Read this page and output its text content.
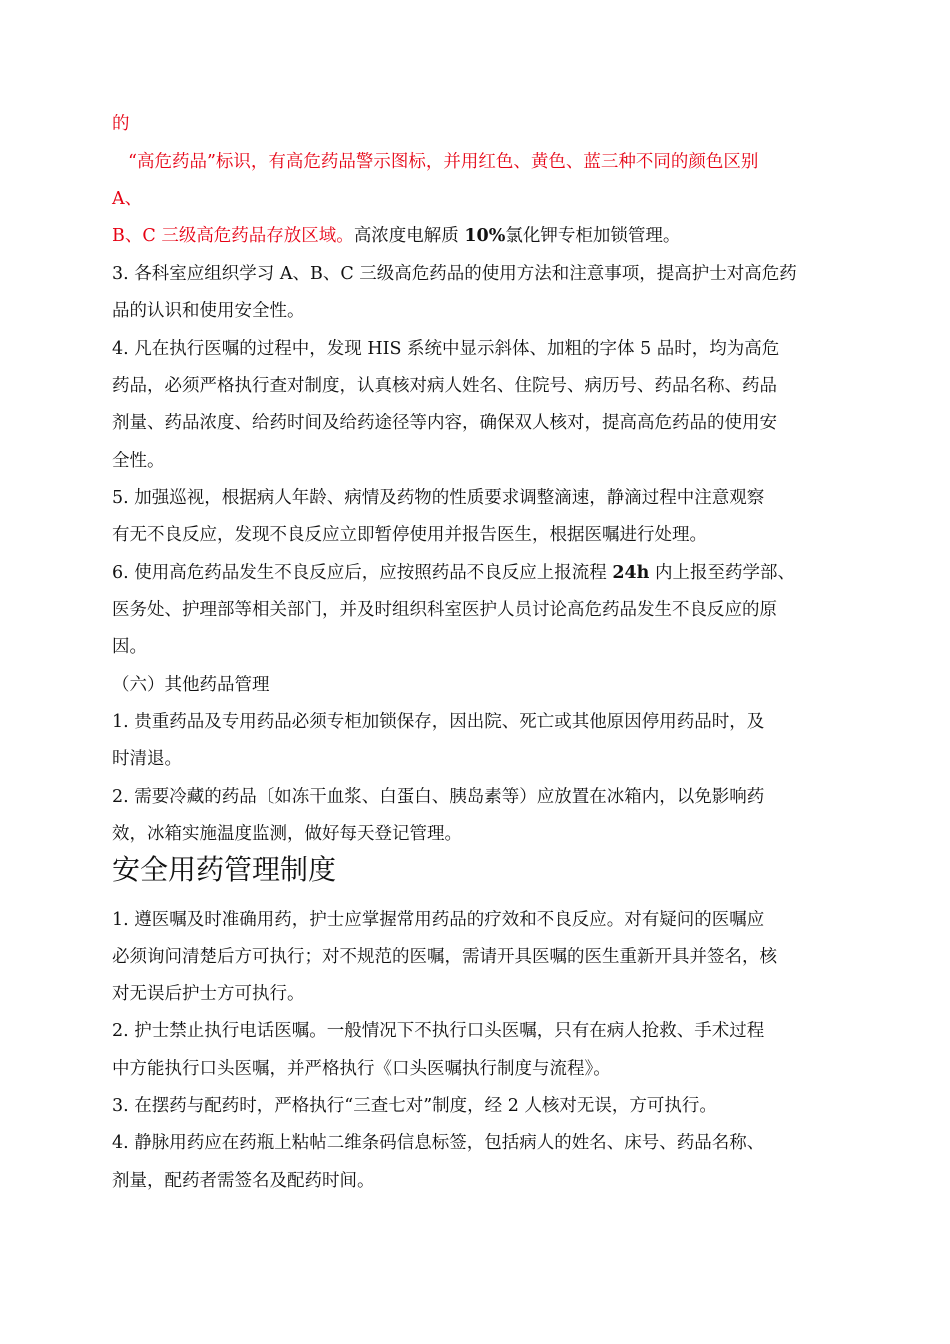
的
“高危药品”标识，有高危药品警示图标，并用红色、黄色、蓝三种不同的颜色区别
A、
B、C 三级高危药品存放区域。高浓度电解质 10%氯化钾专柜加锁管理。
3. 各科室应组织学习 A、B、C 三级高危药品的使用方法和注意事项，提高护士对高危药
品的认识和使用安全性。
4. 凡在执行医嘱的过程中，发现 HIS 系统中显示斜体、加粗的字体 5 品时，均为高危
药品，必须严格执行查对制度，认真核对病人姓名、住院号、病历号、药品名称、药品
剂量、药品浓度、给药时间及给药途径等内容，确保双人核对，提高高危药品的使用安
全性。
5. 加强巡视，根据病人年龄、病情及药物的性质要求调整滴速，静滴过程中注意观察
有无不良反应，发现不良反应立即暂停使用并报告医生，根据医嘱进行处理。
6. 使用高危药品发生不良反应后，应按照药品不良反应上报流程 24h 内上报至药学部、
医务处、护理部等相关部门，并及时组织科室医护人员讨论高危药品发生不良反应的原
因。
（六）其他药品管理
1. 贵重药品及专用药品必须专柜加锁保存，因出院、死亡或其他原因停用药品时，及
时清退。
2. 需要冷藏的药品〔如冻干血浆、白蛋白、胰岛素等）应放置在冰箱内，以免影响药
效，冰箱实施温度监测，做好每天登记管理。
安全用药管理制度
1. 遵医嘱及时准确用药，护士应掌握常用药品的疗效和不良反应。对有疑问的医嘱应
必须询问清楚后方可执行；对不规范的医嘱，需请开具医嘱的医生重新开具并签名，核
对无误后护士方可执行。
2. 护士禁止执行电话医嘱。一般情况下不执行口头医嘱，只有在病人抢救、手术过程
中方能执行口头医嘱，并严格执行《口头医嘱执行制度与流程》。
3. 在摆药与配药时，严格执行“三查七对”制度，经 2 人核对无误，方可执行。
4. 静脉用药应在药瓶上粘帖二维条码信息标签，包括病人的姓名、床号、药品名称、
剂量，配药者需签名及配药时间。
